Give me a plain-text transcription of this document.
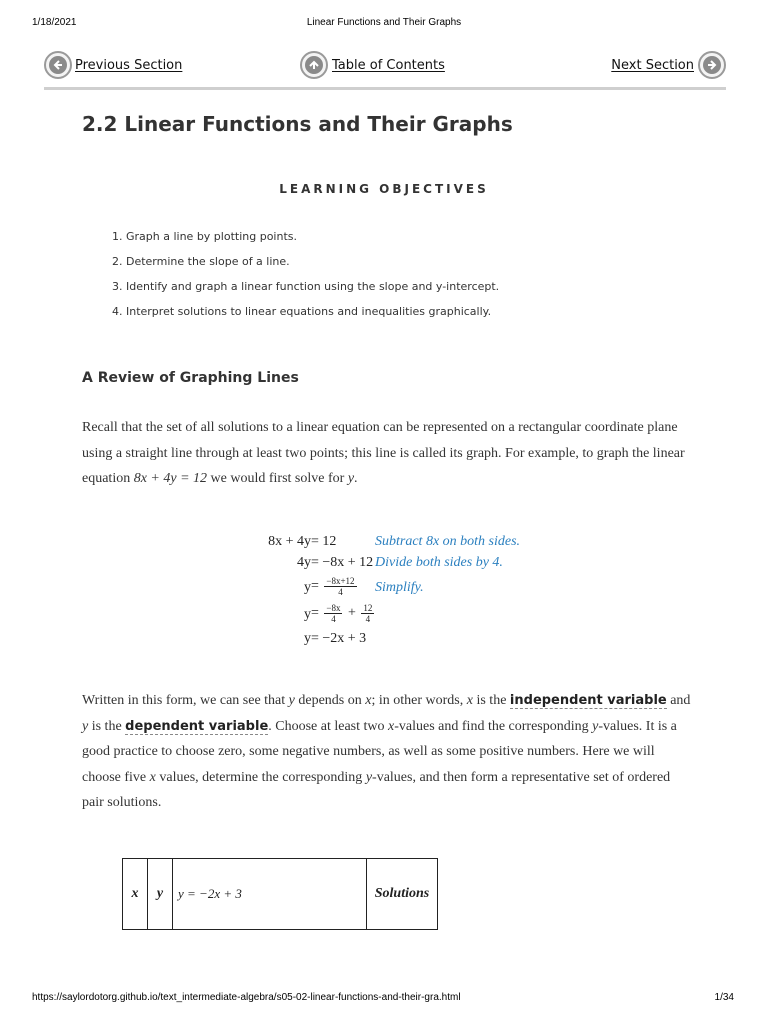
1/18/2021	Linear Functions and Their Graphs
Previous Section	Table of Contents	Next Section
2.2 Linear Functions and Their Graphs
LEARNING OBJECTIVES
1. Graph a line by plotting points.
2. Determine the slope of a line.
3. Identify and graph a linear function using the slope and y-intercept.
4. Interpret solutions to linear equations and inequalities graphically.
A Review of Graphing Lines
Recall that the set of all solutions to a linear equation can be represented on a rectangular coordinate plane using a straight line through at least two points; this line is called its graph. For example, to graph the linear equation 8x + 4y = 12 we would first solve for y.
8x + 4y = 12	Subtract 8x on both sides.
4y = −8x + 12 Divide both sides by 4.
$y = \frac{-8x+12}{4}$ Simplify.
$y = \frac{-8x}{4} + \frac{12}{4}$
y = −2x + 3
Written in this form, we can see that y depends on x; in other words, x is the independent variable and y is the dependent variable. Choose at least two x-values and find the corresponding y-values. It is a good practice to choose zero, some negative numbers, as well as some positive numbers. Here we will choose five x values, determine the corresponding y-values, and then form a representative set of ordered pair solutions.
x	y	y = −2x + 3	Solutions
https://saylordotorg.github.io/text_intermediate-algebra/s05-02-linear-functions-and-their-gra.html	1/34
